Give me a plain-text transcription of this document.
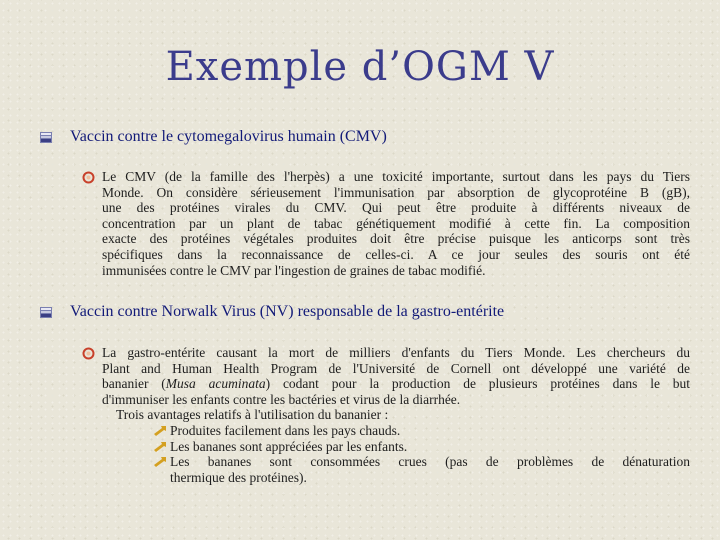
Exemple d’OGM V
Vaccin contre le cytomegalovirus humain (CMV)
Le CMV (de la famille des l'herpès) a une toxicité importante, surtout dans les pays du Tiers
Monde. On considère sérieusement l'immunisation par absorption de glycoprotéine B (gB),
une des protéines virales du CMV. Qui peut être produite à différents niveaux de
concentration par un plant de tabac génétiquement modifié à cette fin. La composition
exacte des protéines végétales produites doit être précise puisque les anticorps sont très
spécifiques dans la reconnaissance de celles-ci. A ce jour seules des souris ont été
immunisées contre le CMV par l'ingestion de graines de tabac modifié.
Vaccin contre Norwalk Virus (NV) responsable de la gastro-entérite
La gastro-entérite causant la mort de milliers d'enfants du Tiers Monde. Les chercheurs du
Plant and Human Health Program de l'Université de Cornell ont développé une variété de
bananier (Musa acuminata) codant pour la production de plusieurs protéines dans le but
d'immuniser les enfants contre les bactéries et virus de la diarrhée.
Trois avantages relatifs à l'utilisation du bananier :
Produites facilement dans les pays chauds.
Les bananes sont appréciées par les enfants.
Les bananes sont consommées crues (pas de problèmes de dénaturation
thermique des protéines).
